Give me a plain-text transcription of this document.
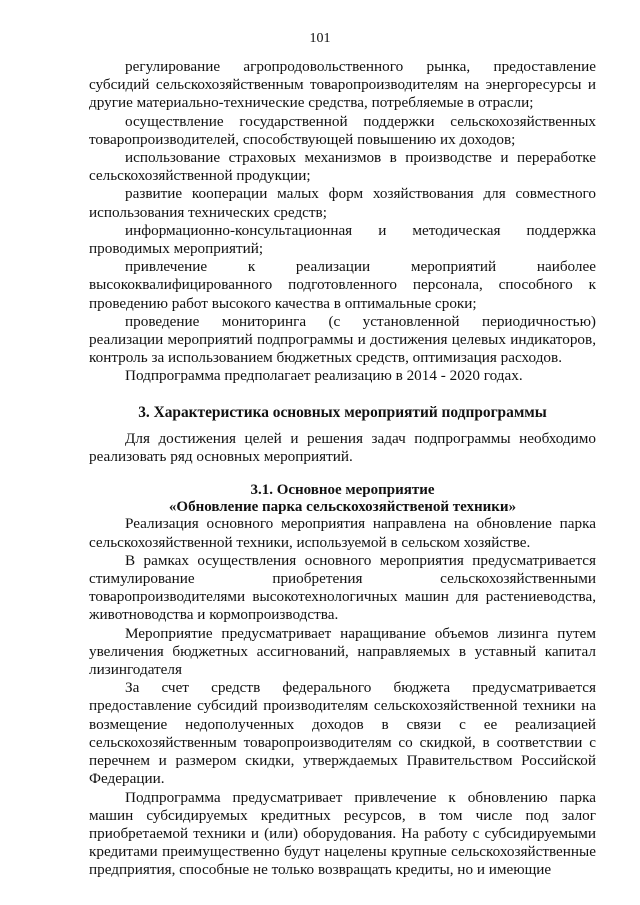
101

регулирование агропродовольственного рынка, предоставление субсидий сельскохозяйственным товаропроизводителям на энергоресурсы и другие материально-технические средства, потребляемые в отрасли;

осуществление государственной поддержки сельскохозяйственных товаропроизводителей, способствующей повышению их доходов;

использование страховых механизмов в производстве и переработке сельскохозяйственной продукции;

развитие кооперации малых форм хозяйствования для совместного использования технических средств;

информационно-консультационная и методическая поддержка проводимых мероприятий;

привлечение к реализации мероприятий наиболее высококвалифицированного подготовленного персонала, способного к проведению работ высокого качества в оптимальные сроки;

проведение мониторинга (с установленной периодичностью) реализации мероприятий подпрограммы и достижения целевых индикаторов, контроль за использованием бюджетных средств, оптимизация расходов.

Подпрограмма предполагает реализацию в 2014 - 2020 годах.

3. Характеристика основных мероприятий подпрограммы

Для достижения целей и решения задач подпрограммы необходимо реализовать ряд основных мероприятий.

3.1. Основное мероприятие

«Обновление парка сельскохозяйственой техники»

Реализация основного мероприятия направлена на обновление парка сельскохозяйственной техники, используемой в сельском хозяйстве.

В рамках осуществления основного мероприятия предусматривается стимулирование приобретения сельскохозяйственными товаропроизводителями высокотехнологичных машин для растениеводства, животноводства и кормопроизводства.

Мероприятие предусматривает наращивание объемов лизинга путем увеличения бюджетных ассигнований, направляемых в уставный капитал лизингодателя

За счет средств федерального бюджета предусматривается предоставление субсидий производителям сельскохозяйственной техники на возмещение недополученных доходов в связи с ее реализацией сельскохозяйственным товаропроизводителям со скидкой, в соответствии с перечнем и размером скидки, утверждаемых Правительством Российской Федерации.

Подпрограмма предусматривает привлечение к обновлению парка машин субсидируемых кредитных ресурсов, в том числе под залог приобретаемой техники и (или) оборудования. На работу с субсидируемыми кредитами преимущественно будут нацелены крупные сельскохозяйственные предприятия, способные не только возвращать кредиты, но и имеющие
